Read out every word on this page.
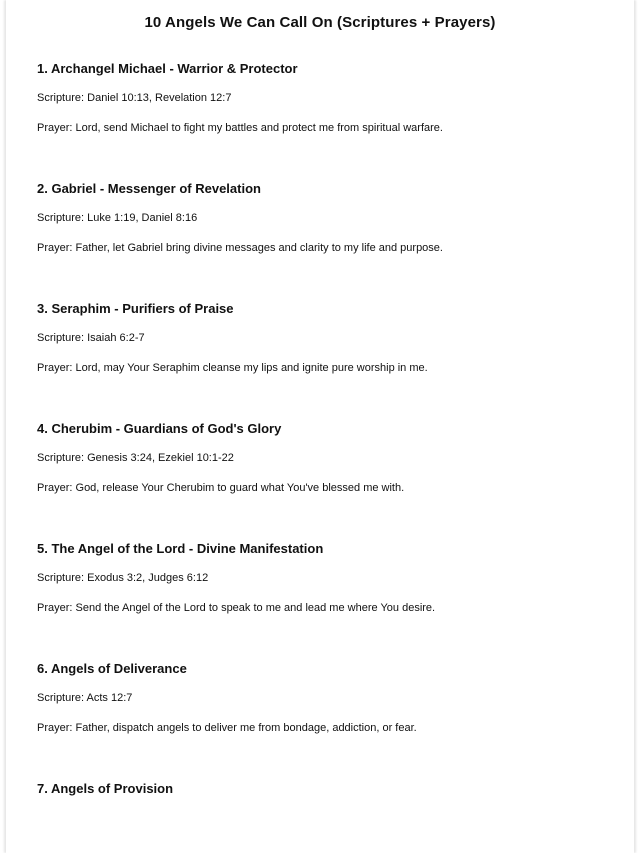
10 Angels We Can Call On (Scriptures + Prayers)
1. Archangel Michael - Warrior & Protector
Scripture: Daniel 10:13, Revelation 12:7
Prayer: Lord, send Michael to fight my battles and protect me from spiritual warfare.
2. Gabriel - Messenger of Revelation
Scripture: Luke 1:19, Daniel 8:16
Prayer: Father, let Gabriel bring divine messages and clarity to my life and purpose.
3. Seraphim - Purifiers of Praise
Scripture: Isaiah 6:2-7
Prayer: Lord, may Your Seraphim cleanse my lips and ignite pure worship in me.
4. Cherubim - Guardians of God's Glory
Scripture: Genesis 3:24, Ezekiel 10:1-22
Prayer: God, release Your Cherubim to guard what You've blessed me with.
5. The Angel of the Lord - Divine Manifestation
Scripture: Exodus 3:2, Judges 6:12
Prayer: Send the Angel of the Lord to speak to me and lead me where You desire.
6. Angels of Deliverance
Scripture: Acts 12:7
Prayer: Father, dispatch angels to deliver me from bondage, addiction, or fear.
7. Angels of Provision
